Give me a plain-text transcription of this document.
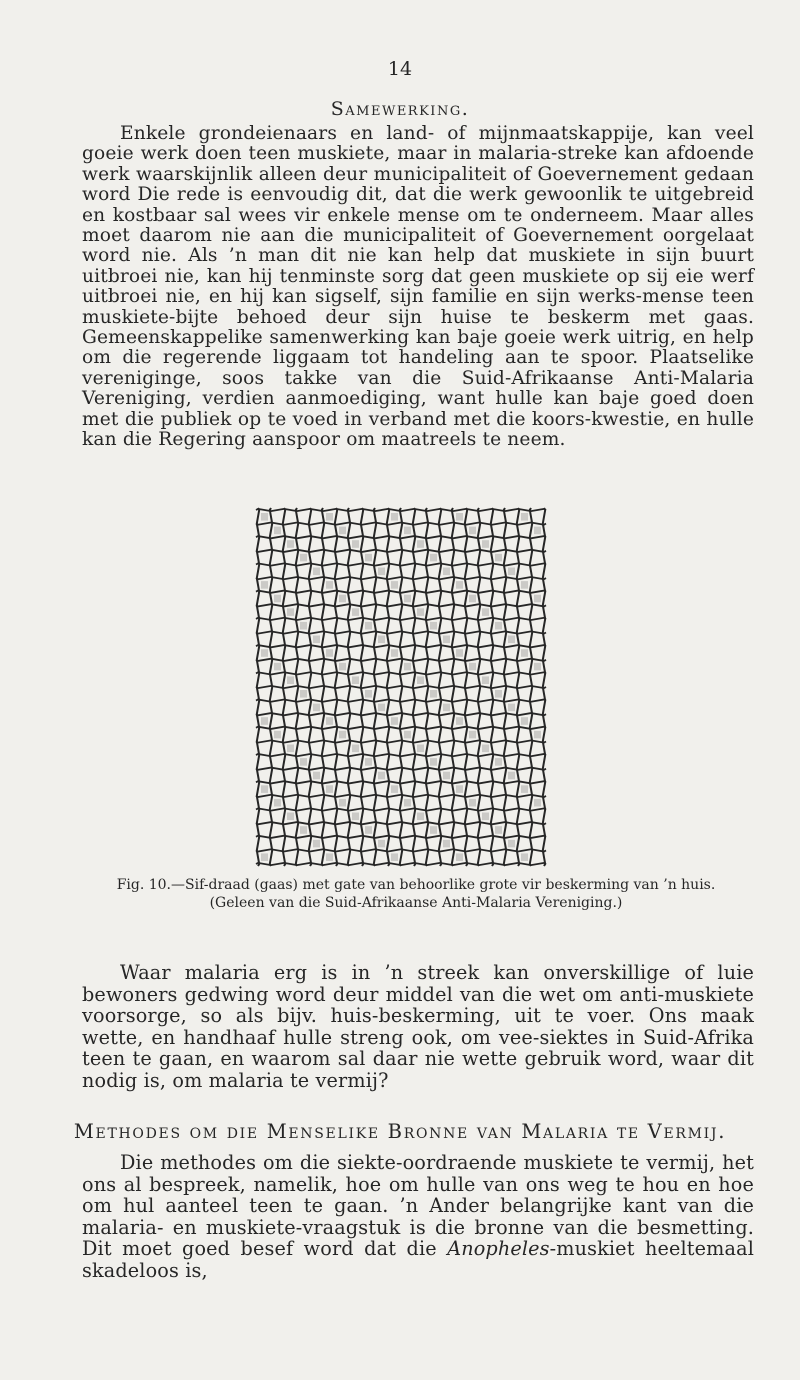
14
Samewerking.

Enkele grondeienaars en land- of mijnmaatskappije, kan veel goeie werk doen teen muskiete, maar in malaria-streke kan afdoende werk waarskijnlik alleen deur municipaliteit of Goevernement gedaan word Die rede is eenvoudig dit, dat die werk gewoonlik te uitgebreid en kostbaar sal wees vir enkele mense om te onderneem. Maar alles moet daarom nie aan die municipaliteit of Goevernement oorgelaat word nie. Als ’n man dit nie kan help dat muskiete in sijn buurt uitbroei nie, kan hij tenminste sorg dat geen muskiete op sij eie werf uitbroei nie, en hij kan sigself, sijn familie en sijn werks-mense teen muskiete-bijte behoed deur sijn huise te beskerm met gaas. Gemeenskappelike samenwerking kan baje goeie werk uitrig, en help om die regerende liggaam tot handeling aan te spoor. Plaatselike verenigingе, soos takke van die Suid-Afrikaanse Anti-Malaria Vereniging, verdien aanmoediging, want hulle kan baje goed doen met die publiek op te voed in verband met die koors-kwestie, en hulle kan die Regering aanspoor om maatreels te neem.

Fig. 10.—Sif-draad (gaas) met gate van behoorlike grote vir beskerming van ’n huis.
(Geleen van die Suid-Afrikaanse Anti-Malaria Vereniging.)

Waar malaria erg is in ’n streek kan onverskillige of luie bewoners gedwing word deur middel van die wet om anti-muskiete voorsorge, so als bijv. huis-beskerming, uit te voer. Ons maak wette, en handhaaf hulle streng ook, om vee-siektes in Suid-Afrika teen te gaan, en waarom sal daar nie wette gebruik word, waar dit nodig is, om malaria te vermij?

Methodes om die Menselike Bronne van Malaria te Vermij.

Die methodes om die siekte-oordraende muskiete te vermij, het ons al bespreek, namelik, hoe om hulle van ons weg te hou en hoe om hul aanteel teen te gaan. ’n Ander belangrijke kant van die malaria- en muskiete-vraagstuk is die bronne van die besmetting. Dit moet goed besef word dat die Anopheles-muskiet heeltemaal skadeloos is,
